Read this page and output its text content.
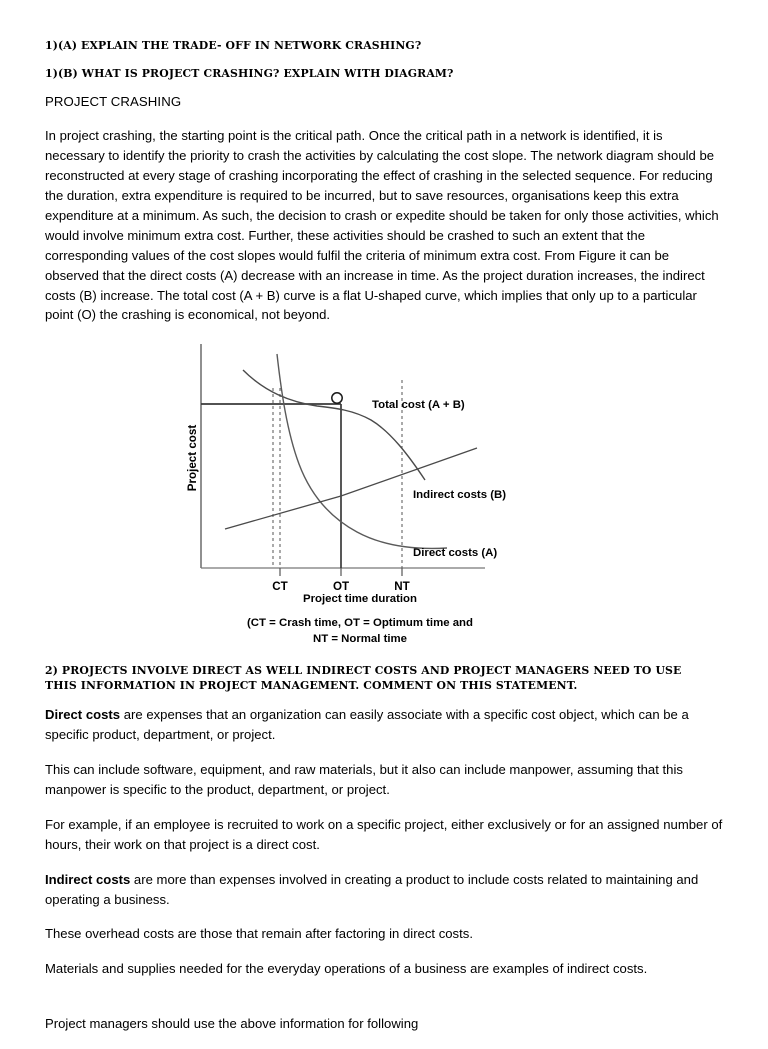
1)(A) EXPLAIN THE TRADE- OFF IN NETWORK CRASHING?
1)(B) WHAT IS PROJECT CRASHING? EXPLAIN WITH DIAGRAM?
PROJECT CRASHING

In project crashing, the starting point is the critical path. Once the critical path in a network is identified, it is necessary to identify the priority to crash the activities by calculating the cost slope. The network diagram should be reconstructed at every stage of crashing incorporating the effect of crashing in the selected sequence. For reducing the duration, extra expenditure is required to be incurred, but to save resources, organisations keep this extra expenditure at a minimum. As such, the decision to crash or expedite should be taken for only those activities, which would involve minimum extra cost. Further, these activities should be crashed to such an extent that the corresponding values of the cost slopes would fulfil the criteria of minimum extra cost. From Figure it can be observed that the direct costs (A) decrease with an increase in time. As the project duration increases, the indirect costs (B) increase. The total cost (A + B) curve is a flat U-shaped curve, which implies that only up to a particular point (O) the crashing is economical, not beyond.

Project cost
CT	OT	NT
Total cost (A + B)
Indirect costs (B)
Direct costs (A)
Project time duration
(CT = Crash time, OT = Optimum time and
NT = Normal time
2) PROJECTS INVOLVE DIRECT AS WELL INDIRECT COSTS AND PROJECT MANAGERS NEED TO USE THIS INFORMATION IN PROJECT MANAGEMENT. COMMENT ON THIS STATEMENT.

Direct costs are expenses that an organization can easily associate with a specific cost object, which can be a specific product, department, or project.

This can include software, equipment, and raw materials, but it also can include manpower, assuming that this manpower is specific to the product, department, or project.

For example, if an employee is recruited to work on a specific project, either exclusively or for an assigned number of hours, their work on that project is a direct cost.

Indirect costs are more than expenses involved in creating a product to include costs related to maintaining and operating a business.

These overhead costs are those that remain after factoring in direct costs.

Materials and supplies needed for the everyday operations of a business are examples of indirect costs.

Project managers should use the above information for following
